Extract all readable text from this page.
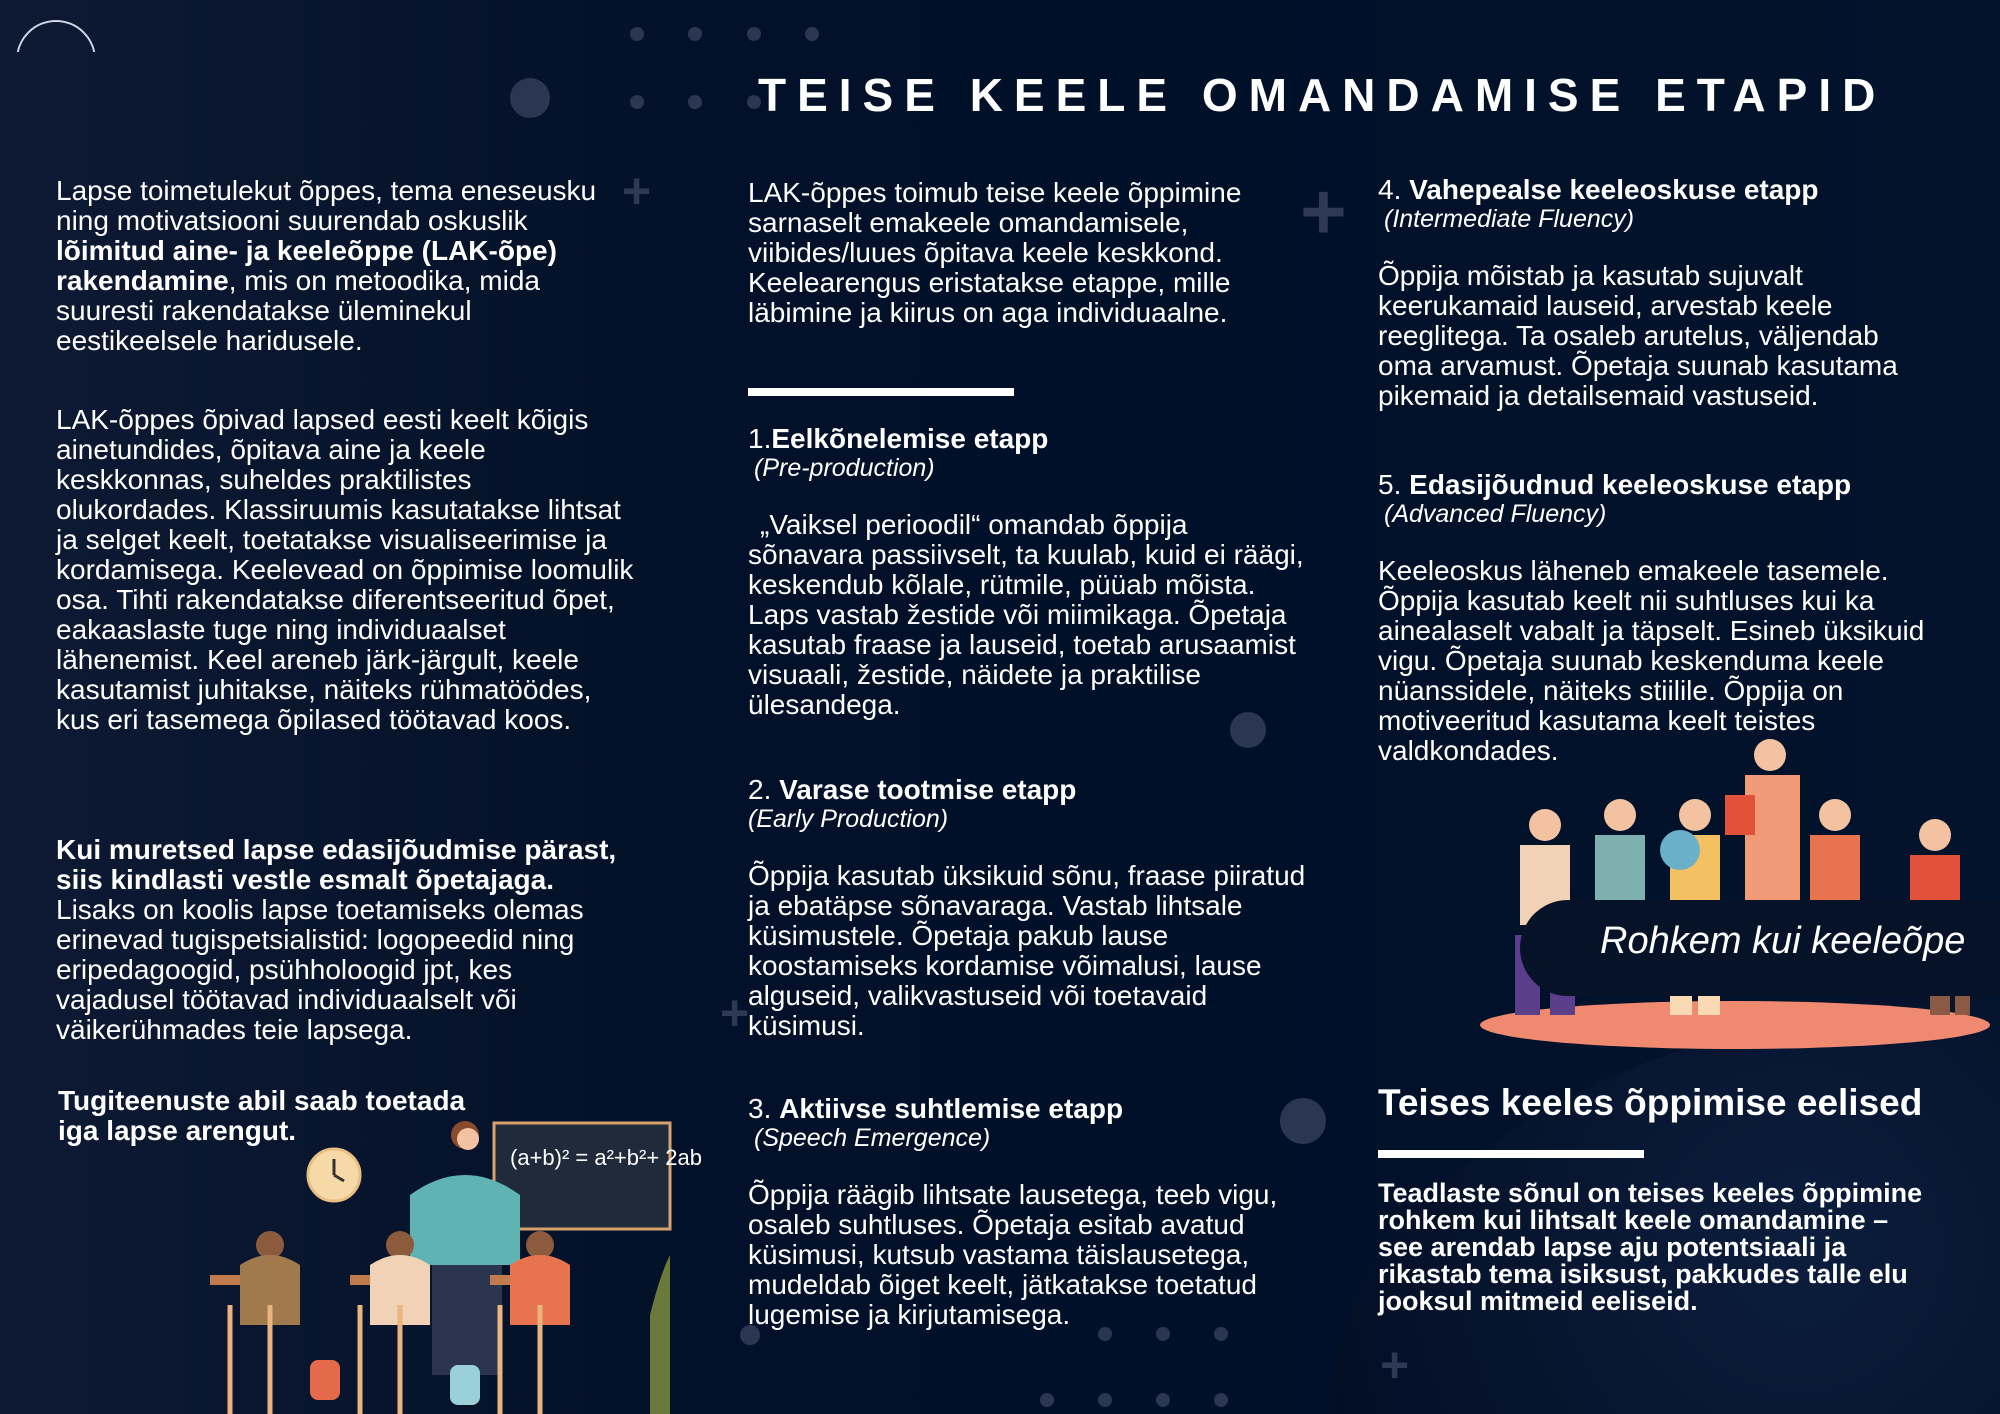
+	+
+
+
TEISE KEELE OMANDAMISE ETAPID

Lapse toimetulekut õppes, tema eneseusku ning motivatsiooni suurendab oskuslik lõimitud aine- ja keeleõppe (LAK-õpe) rakendamine, mis on metoodika, mida suuresti rakendatakse üleminekul eestikeelsele haridusele.

LAK-õppes õpivad lapsed eesti keelt kõigis ainetundides, õpitava aine ja keele keskkonnas, suheldes praktilistes olukordades. Klassiruumis kasutatakse lihtsat ja selget keelt, toetatakse visualiseerimise ja kordamisega. Keelevead on õppimise loomulik osa. Tihti rakendatakse diferentseeritud õpet, eakaaslaste tuge ning individuaalset lähenemist. Keel areneb järk-järgult, keele kasutamist juhitakse, näiteks rühmatöödes, kus eri tasemega õpilased töötavad koos.

Kui muretsed lapse edasijõudmise pärast, siis kindlasti vestle esmalt õpetajaga.
Lisaks on koolis lapse toetamiseks olemas erinevad tugispetsialistid: logopeedid ning eripedagoogid, psühholoogid jpt, kes vajadusel töötavad individuaalselt või väikerühmades teie lapsega.

Tugiteenuste abil saab toetada iga lapse arengut.

(a+b)² = a²+b²+ 2ab

LAK-õppes toimub teise keele õppimine sarnaselt emakeele omandamisele, viibides/luues õpitava keele keskkond.

Keelearengus eristatakse etappe, mille läbimine ja kiirus on aga individuaalne.

1.Eelkõnelemise etapp

(Pre-production)

„Vaiksel perioodil“ omandab õppija sõnavara passiivselt, ta kuulab, kuid ei räägi, keskendub kõlale, rütmile, püüab mõista. Laps vastab žestide või miimikaga. Õpetaja kasutab fraase ja lauseid, toetab arusaamist visuaali, žestide, näidete ja praktilise ülesandega.

2. Varase tootmise etapp

(Early Production)

Õppija kasutab üksikuid sõnu, fraase piiratud ja ebatäpse sõnavaraga. Vastab lihtsale küsimustele. Õpetaja pakub lause koostamiseks kordamise võimalusi, lause alguseid, valikvastuseid või toetavaid küsimusi.

3. Aktiivse suhtlemise etapp

(Speech Emergence)

Õppija räägib lihtsate lausetega, teeb vigu, osaleb suhtluses. Õpetaja esitab avatud küsimusi, kutsub vastama täislausetega, mudeldab õiget keelt, jätkatakse toetatud lugemise ja kirjutamisega.

4. Vahepealse keeleoskuse etapp

(Intermediate Fluency)

Õppija mõistab ja kasutab sujuvalt keerukamaid lauseid, arvestab keele reeglitega. Ta osaleb arutelus, väljendab oma arvamust. Õpetaja suunab kasutama pikemaid ja detailsemaid vastuseid.

5. Edasijõudnud keeleoskuse etapp

(Advanced Fluency)

Keeleoskus läheneb emakeele tasemele. Õppija kasutab keelt nii suhtluses kui ka ainealaselt vabalt ja täpselt. Esineb üksikuid vigu. Õpetaja suunab keskenduma keele nüanssidele, näiteks stiilile. Õppija on motiveeritud kasutama keelt teistes valdkondades.

Rohkem kui keeleõpe
Teises keeles õppimise eelised

Teadlaste sõnul on teises keeles õppimine rohkem kui lihtsalt keele omandamine – see arendab lapse aju potentsiaali ja rikastab tema isiksust, pakkudes talle elu jooksul mitmeid eeliseid.
